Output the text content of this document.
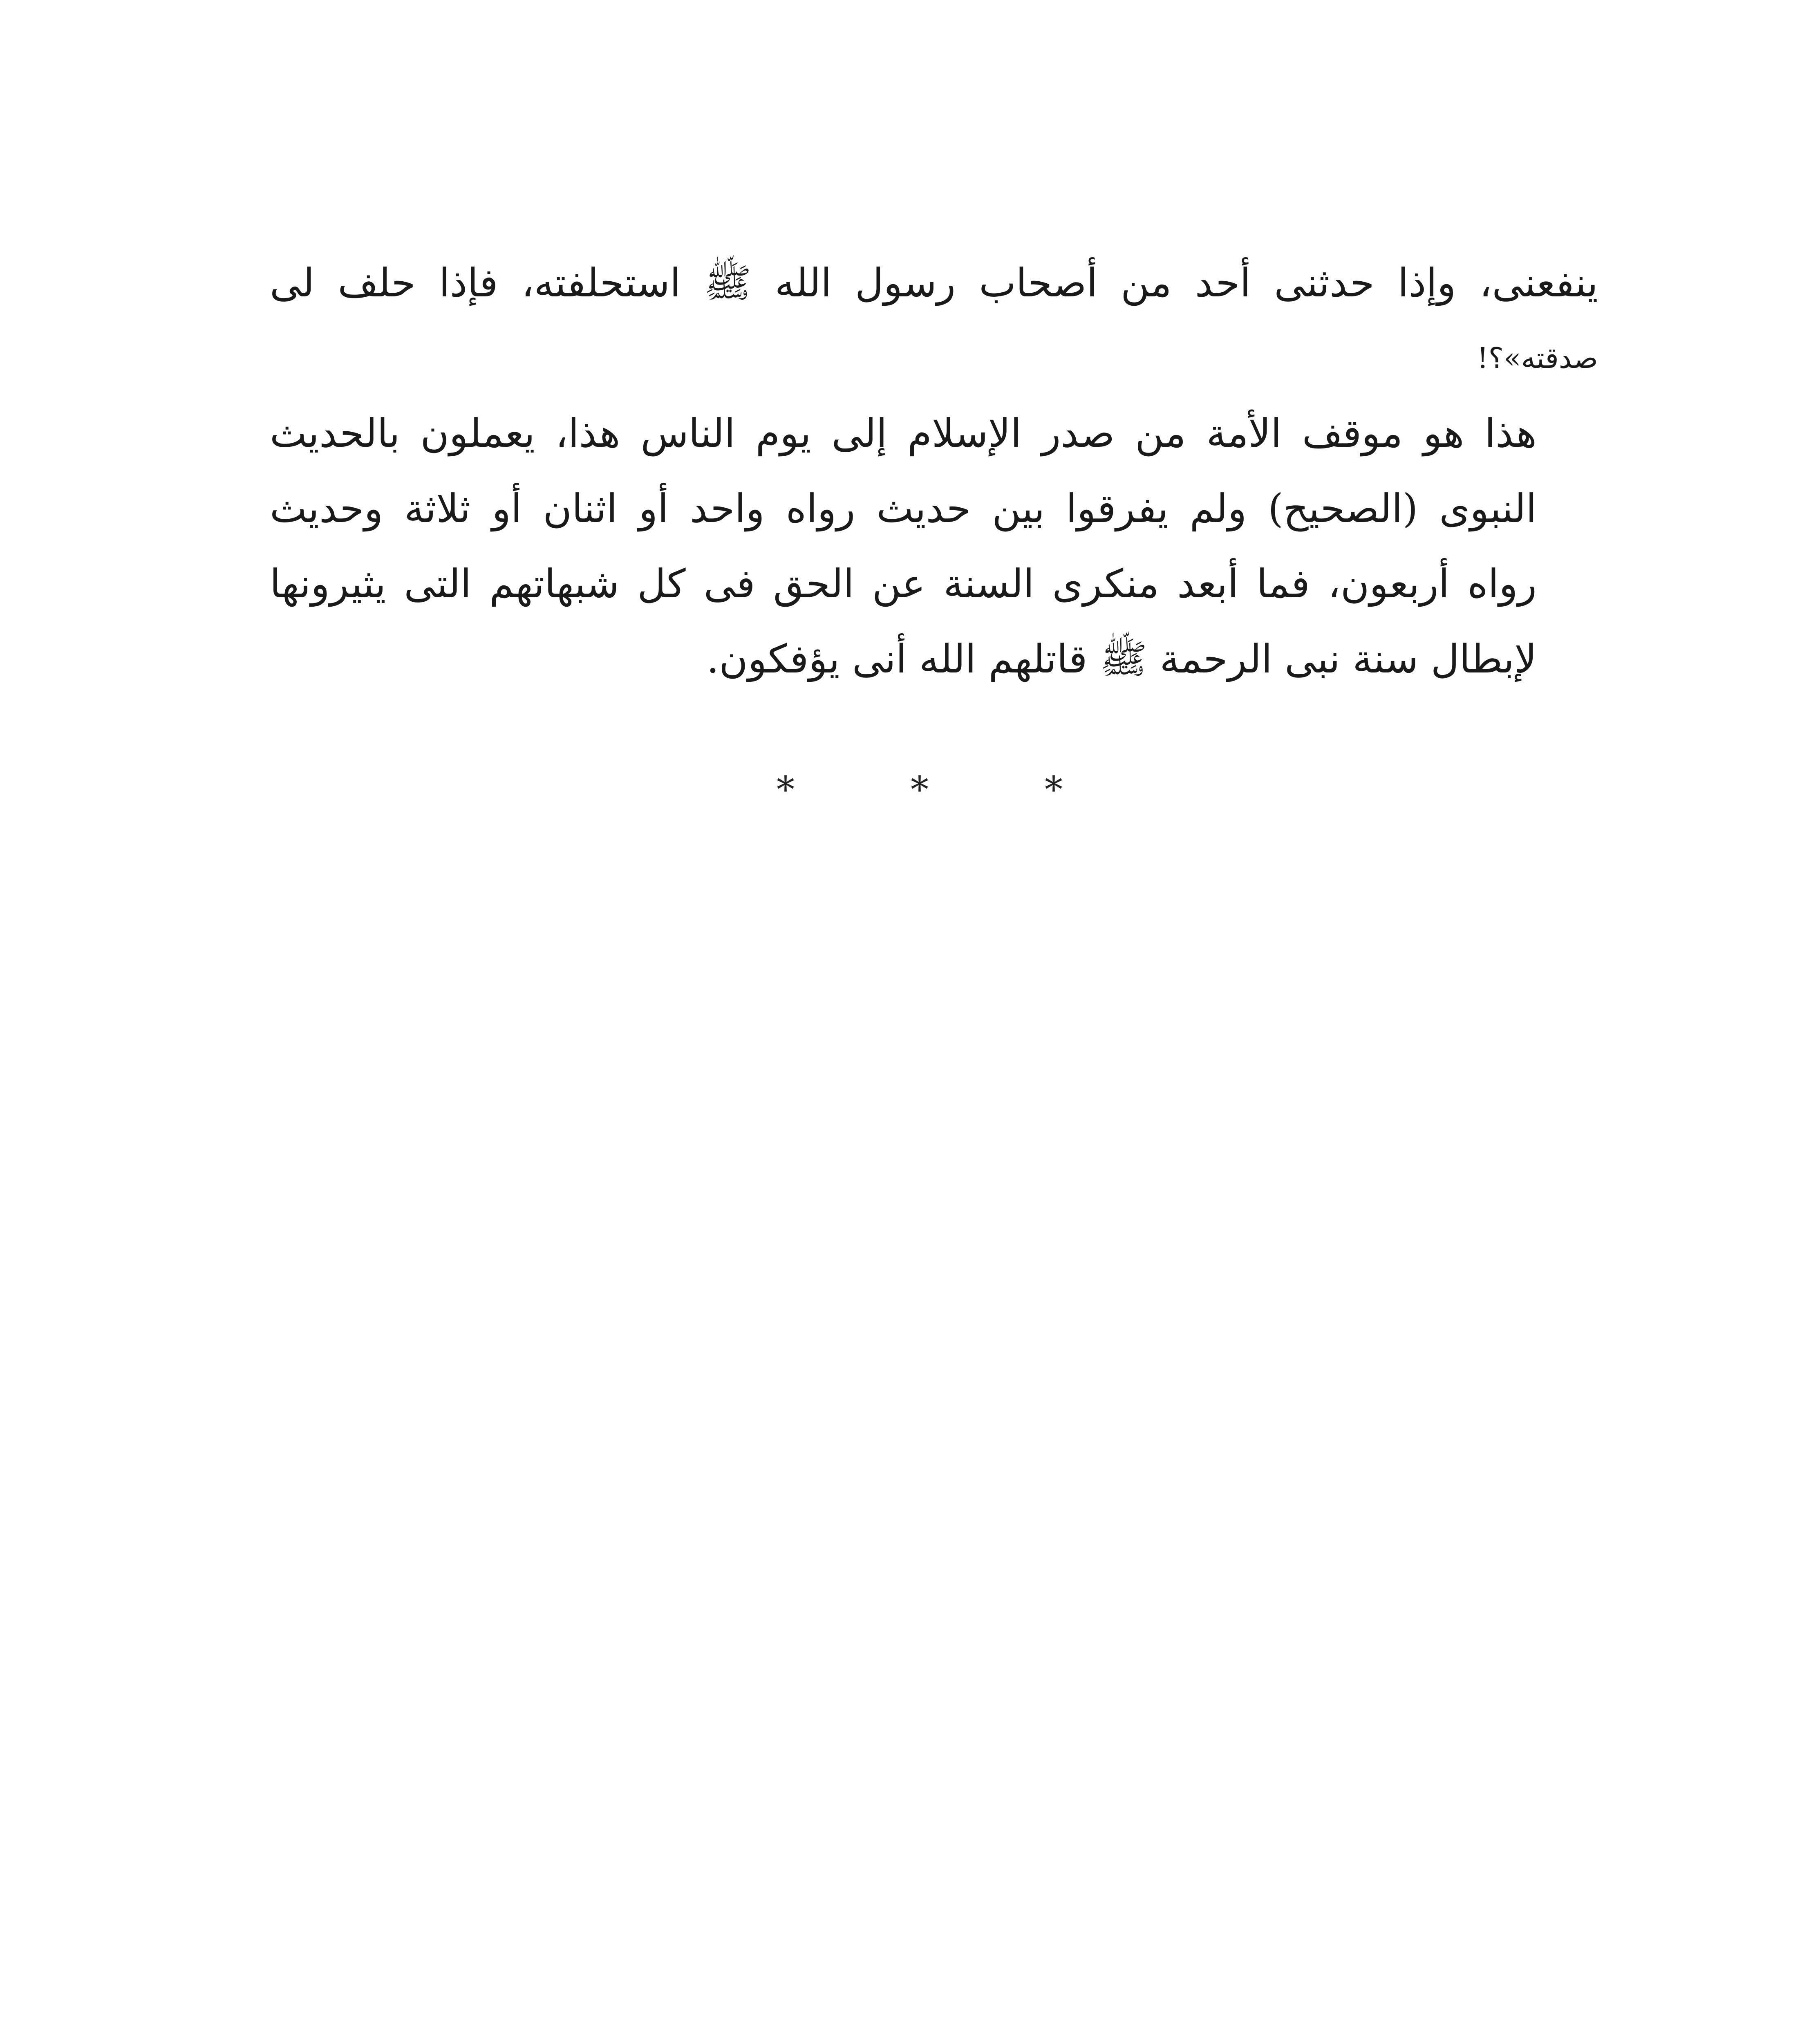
ينفعنى، وإذا حدثنى أحد من أصحاب رسول الله ﷺ استحلفته، فإذا حلف لى
صدقته»؟!

هذا هو موقف الأمة من صدر الإسلام إلى يوم الناس هذا، يعملون بالحديث
النبوى (الصحيح) ولم يفرقوا بين حديث رواه واحد أو اثنان أو ثلاثة وحديث
رواه أربعون، فما أبعد منكرى السنة عن الحق فى كل شبهاتهم التى يثيرونها
لإبطال سنة نبى الرحمة ﷺ قاتلهم الله أنى يؤفكون.

*	*	*
